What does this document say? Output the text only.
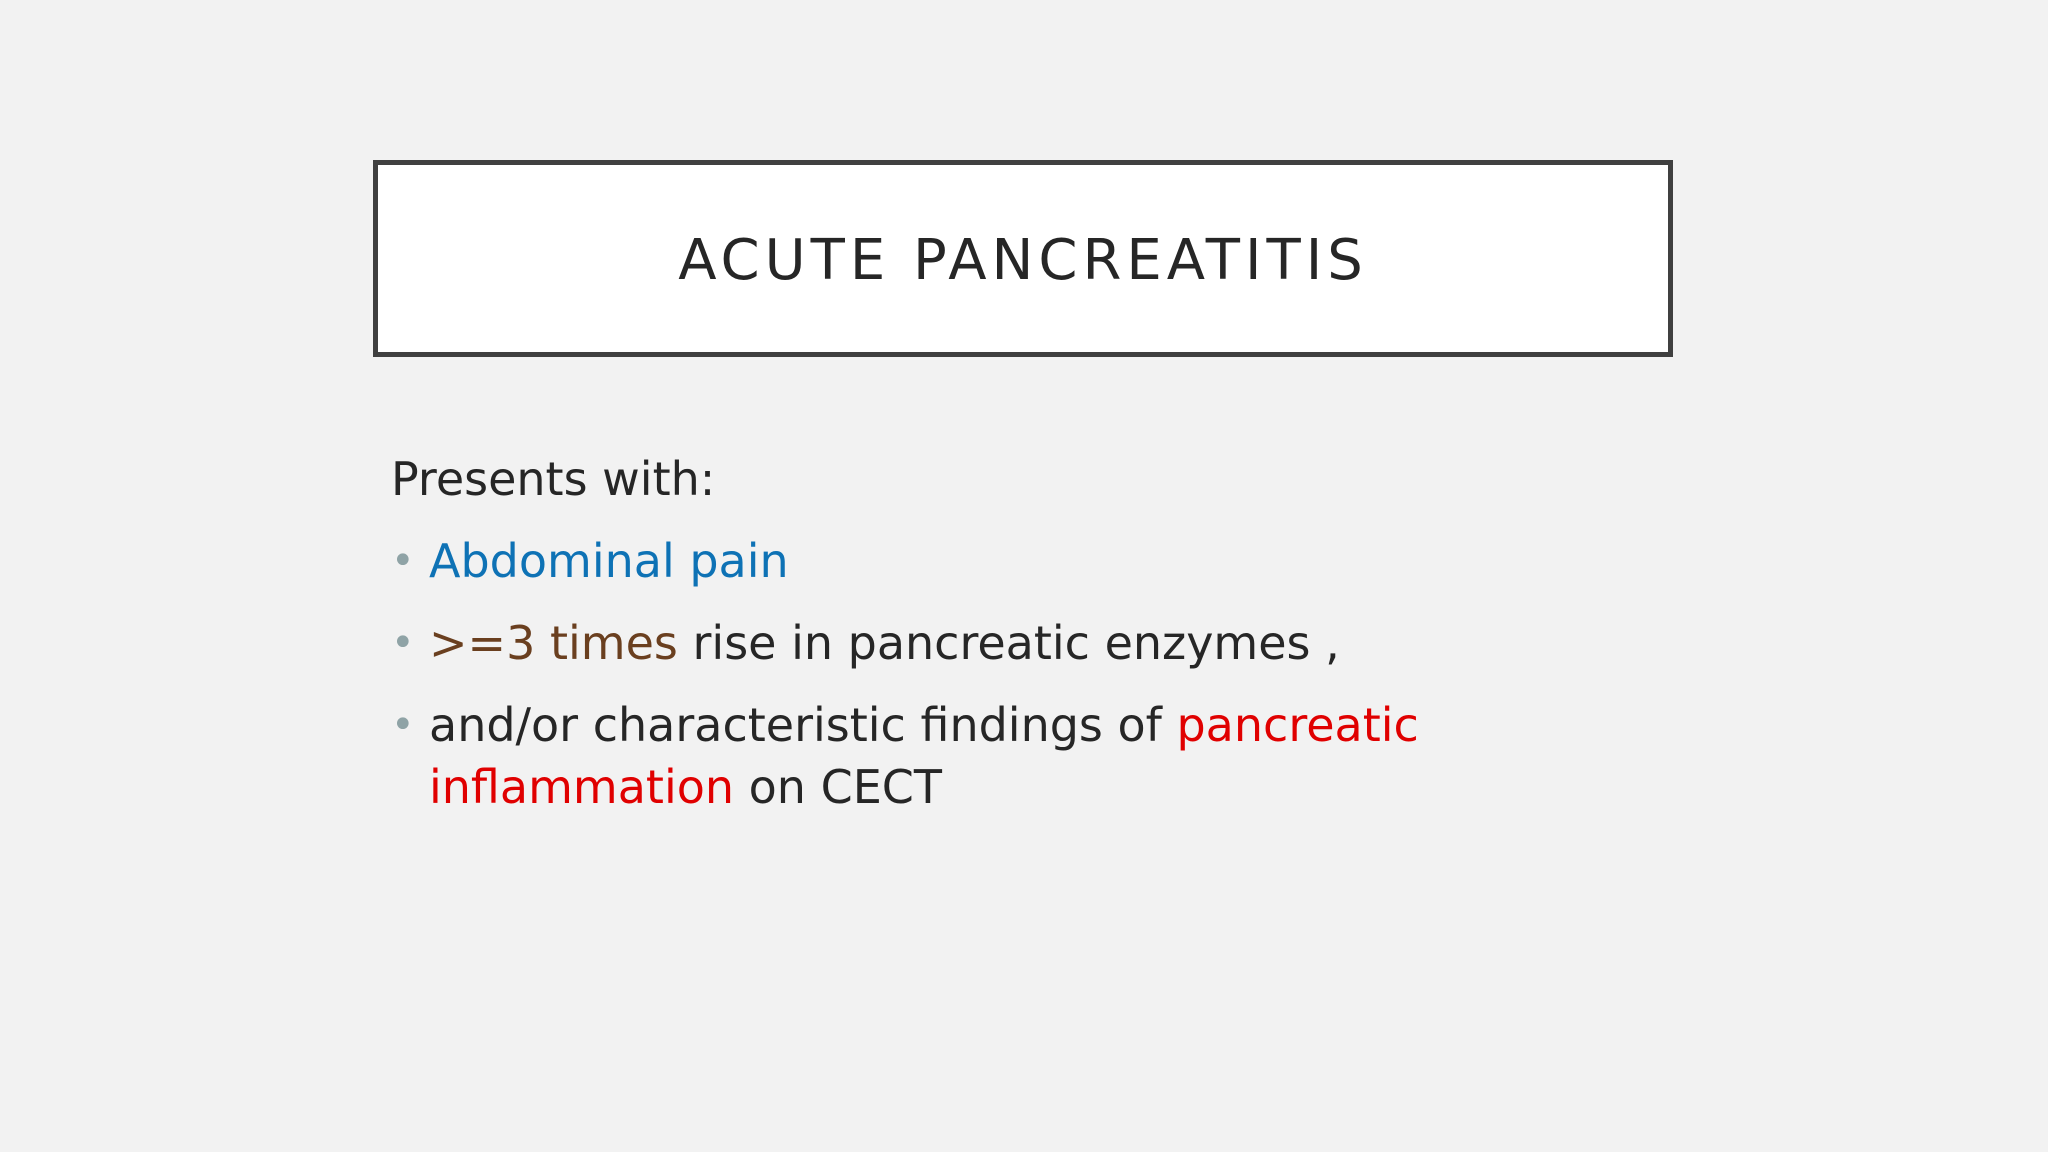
ACUTE PANCREATITIS

Presents with:

• Abdominal pain
• >=3 times rise in pancreatic enzymes ,
• and/or characteristic findings of pancreatic inflammation on CECT
